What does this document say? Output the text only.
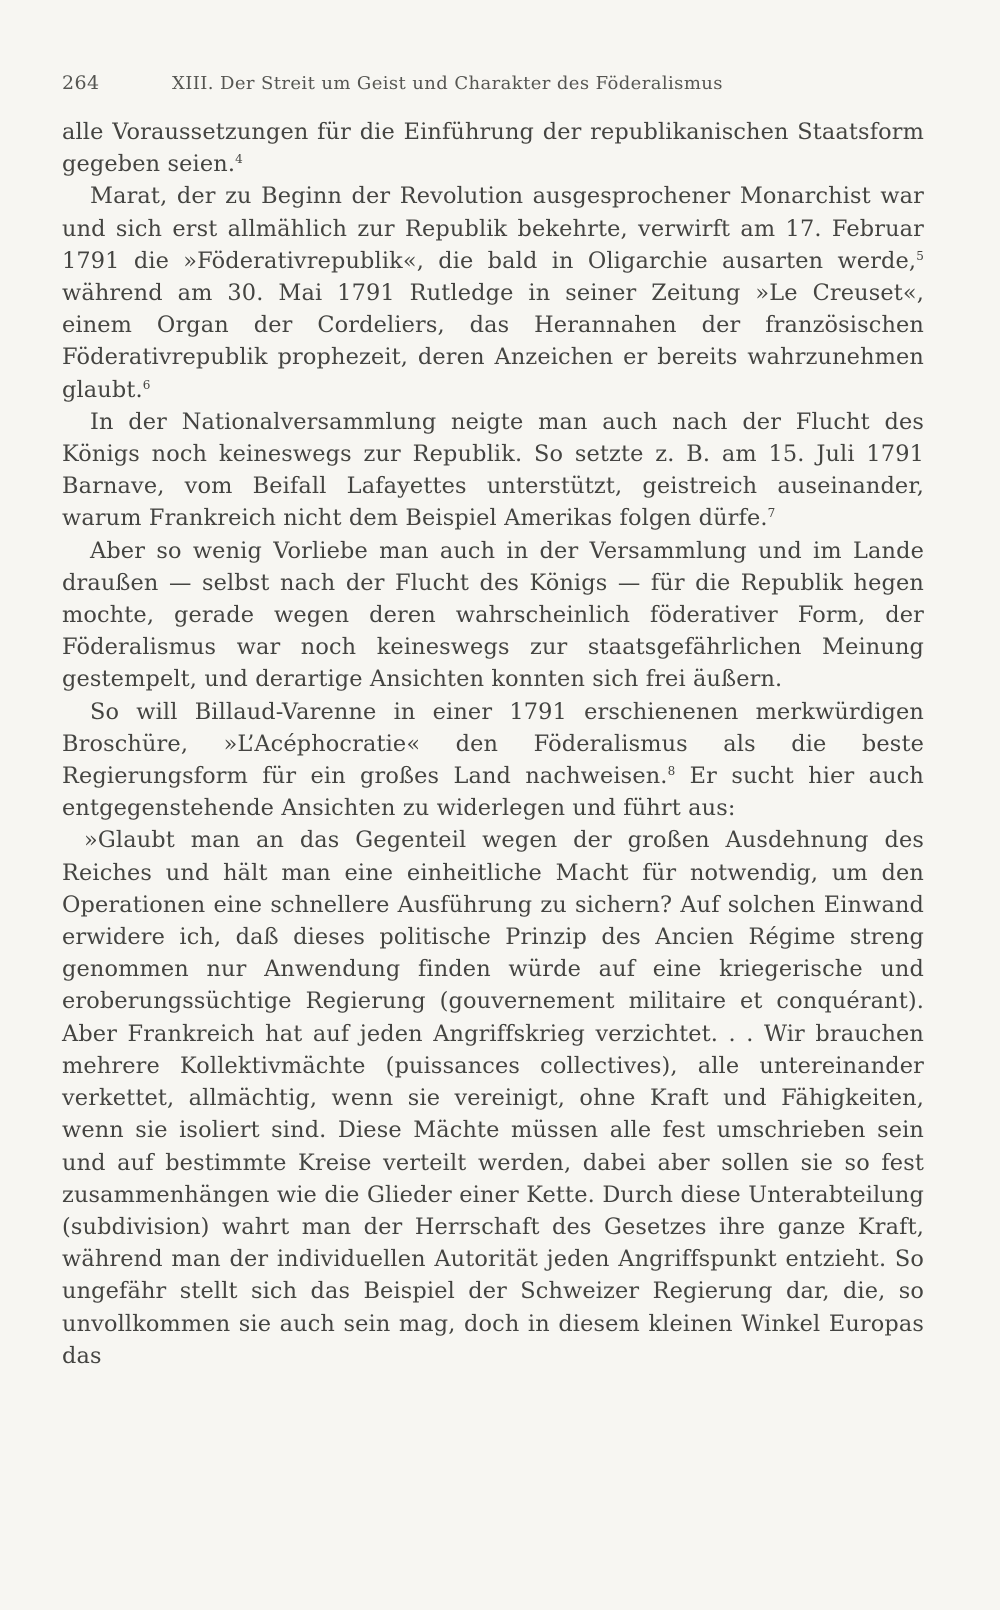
264	XIII. Der Streit um Geist und Charakter des Föderalismus

alle Voraussetzungen für die Einführung der republikanischen Staatsform gegeben seien.$^4$

Marat, der zu Beginn der Revolution ausgesprochener Monarchist war und sich erst allmählich zur Republik bekehrte, verwirft am 17. Februar 1791 die »Föderativrepublik«, die bald in Oligarchie ausarten werde,$^5$ während am 30. Mai 1791 Rutledge in seiner Zeitung »Le Creuset«, einem Organ der Cordeliers, das Herannahen der französischen Föderativrepublik prophezeit, deren Anzeichen er bereits wahrzunehmen glaubt.$^6$

In der Nationalversammlung neigte man auch nach der Flucht des Königs noch keineswegs zur Republik. So setzte z. B. am 15. Juli 1791 Barnave, vom Beifall Lafayettes unterstützt, geistreich auseinander, warum Frankreich nicht dem Beispiel Amerikas folgen dürfe.$^7$

Aber so wenig Vorliebe man auch in der Versammlung und im Lande draußen — selbst nach der Flucht des Königs — für die Republik hegen mochte, gerade wegen deren wahrscheinlich föderativer Form, der Föderalismus war noch keineswegs zur staatsgefährlichen Meinung gestempelt, und derartige Ansichten konnten sich frei äußern.

So will Billaud-Varenne in einer 1791 erschienenen merkwürdigen Broschüre, »L’Acéphocratie« den Föderalismus als die beste Regierungsform für ein großes Land nachweisen.$^8$ Er sucht hier auch entgegenstehende Ansichten zu widerlegen und führt aus:

»Glaubt man an das Gegenteil wegen der großen Ausdehnung des Reiches und hält man eine einheitliche Macht für notwendig, um den Operationen eine schnellere Ausführung zu sichern? Auf solchen Einwand erwidere ich, daß dieses politische Prinzip des Ancien Régime streng genommen nur Anwendung finden würde auf eine kriegerische und eroberungssüchtige Regierung (gouvernement militaire et conquérant). Aber Frankreich hat auf jeden Angriffskrieg verzichtet. . . Wir brauchen mehrere Kollektivmächte (puissances collectives), alle untereinander verkettet, allmächtig, wenn sie vereinigt, ohne Kraft und Fähigkeiten, wenn sie isoliert sind. Diese Mächte müssen alle fest umschrieben sein und auf bestimmte Kreise verteilt werden, dabei aber sollen sie so fest zusammenhängen wie die Glieder einer Kette. Durch diese Unterabteilung (subdivision) wahrt man der Herrschaft des Gesetzes ihre ganze Kraft, während man der individuellen Autorität jeden Angriffspunkt entzieht. So ungefähr stellt sich das Beispiel der Schweizer Regierung dar, die, so unvollkommen sie auch sein mag, doch in diesem kleinen Winkel Europas das
